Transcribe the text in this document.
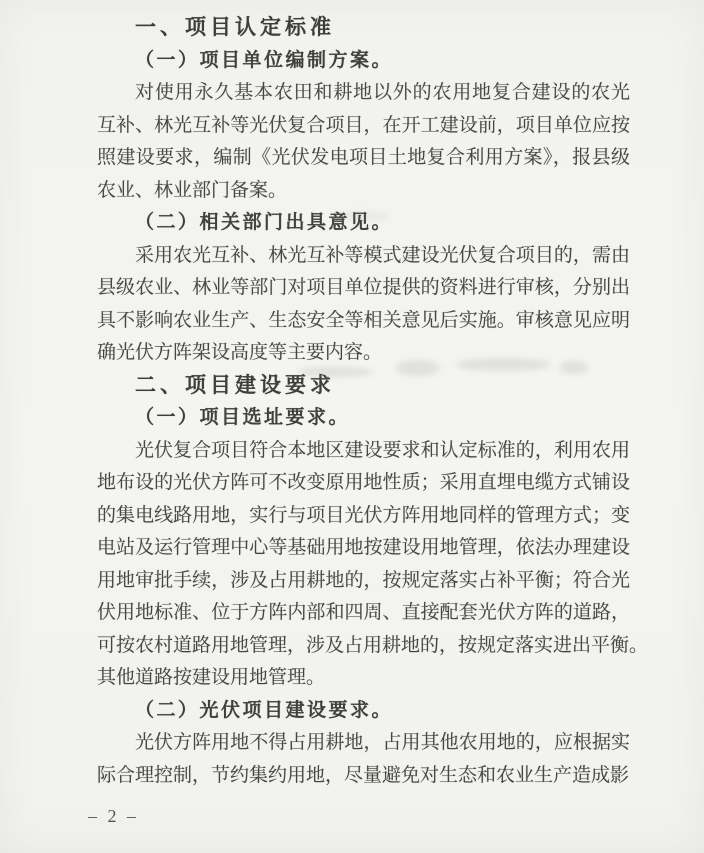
一、项目认定标准
（一）项目单位编制方案。
对使用永久基本农田和耕地以外的农用地复合建设的农光
互补、林光互补等光伏复合项目，在开工建设前，项目单位应按
照建设要求，编制《光伏发电项目土地复合利用方案》，报县级
农业、林业部门备案。
（二）相关部门出具意见。
采用农光互补、林光互补等模式建设光伏复合项目的，需由
县级农业、林业等部门对项目单位提供的资料进行审核，分别出
具不影响农业生产、生态安全等相关意见后实施。审核意见应明
确光伏方阵架设高度等主要内容。
二、项目建设要求
（一）项目选址要求。
光伏复合项目符合本地区建设要求和认定标准的，利用农用
地布设的光伏方阵可不改变原用地性质；采用直埋电缆方式铺设
的集电线路用地，实行与项目光伏方阵用地同样的管理方式；变
电站及运行管理中心等基础用地按建设用地管理，依法办理建设
用地审批手续，涉及占用耕地的，按规定落实占补平衡；符合光
伏用地标准、位于方阵内部和四周、直接配套光伏方阵的道路，
可按农村道路用地管理，涉及占用耕地的，按规定落实进出平衡。
其他道路按建设用地管理。
（二）光伏项目建设要求。
光伏方阵用地不得占用耕地，占用其他农用地的，应根据实
际合理控制，节约集约用地，尽量避免对生态和农业生产造成影
– 2 –
